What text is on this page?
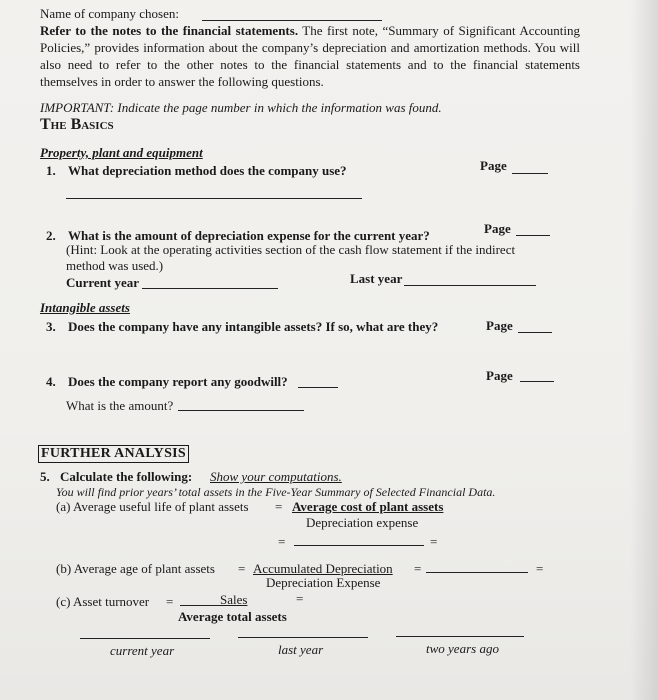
Name of company chosen:
Refer to the notes to the financial statements. The first note, “Summary of Significant Accounting Policies,” provides information about the company’s depreciation and amortization methods. You will also need to refer to the other notes to the financial statements and to the financial statements themselves in order to answer the following questions.
IMPORTANT: Indicate the page number in which the information was found.
The Basics
Property, plant and equipment
1. What depreciation method does the company use?	Page
2. What is the amount of depreciation expense for the current year?	Page
(Hint: Look at the operating activities section of the cash flow statement if the indirect
method was used.)
Current year	Last year
Intangible assets
3. Does the company have any intangible assets? If so, what are they?	Page
4. Does the company report any goodwill?	Page
What is the amount?
FURTHER ANALYSIS
5. Calculate the following: Show your computations.
You will find prior years’ total assets in the Five-Year Summary of Selected Financial Data.
(a) Average useful life of plant assets = Average cost of plant assets
Depreciation expense
=	=
(b) Average age of plant assets = Accumulated Depreciation =	=
Depreciation Expense
(c) Asset turnover =	Sales	=
Average total assets
current year	last year	two years ago
